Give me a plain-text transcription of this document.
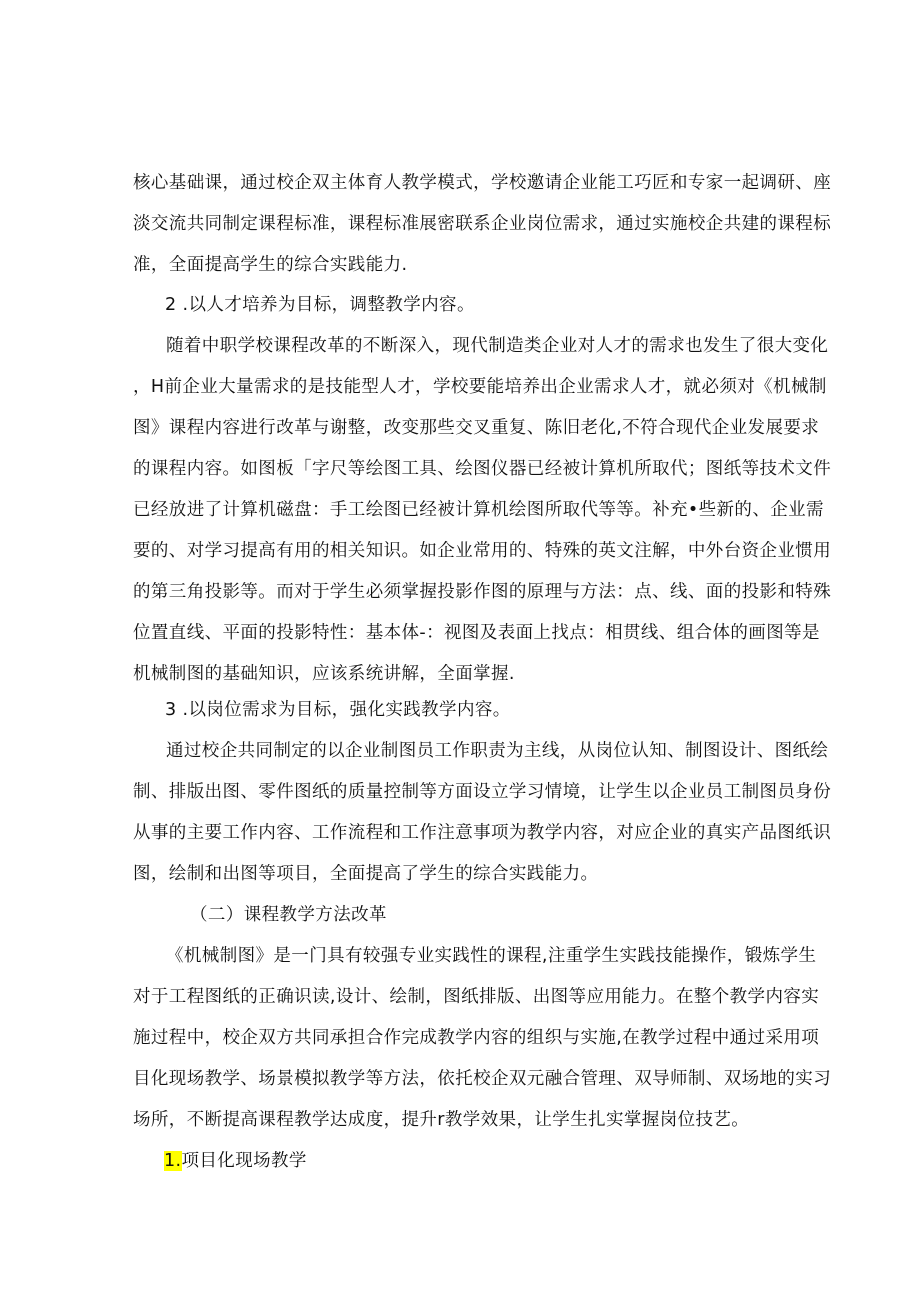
核心基础课，通过校企双主体育人教学模式，学校邀请企业能工巧匠和专家一起调研、座
淡交流共同制定课程标准，课程标准展密联系企业岗位需求，通过实施校企共建的课程标
准，全面提高学生的综合实践能力.
2 .以人才培养为目标，调整教学内容。
随着中职学校课程改革的不断深入，现代制造类企业对人才的需求也发生了很大变化
，H前企业大量需求的是技能型人才，学校要能培养出企业需求人才，就必须对《机械制
图》课程内容进行改革与谢整，改变那些交叉重复、陈旧老化,不符合现代企业发展要求
的课程内容。如图板「字尺等绘图工具、绘图仪器已经被计算机所取代；图纸等技术文件
已经放进了计算机磁盘：手工绘图已经被计算机绘图所取代等等。补充•些新的、企业需
要的、对学习提高有用的相关知识。如企业常用的、特殊的英文注解，中外台资企业惯用
的第三角投影等。而对于学生必须掌握投影作图的原理与方法：点、线、面的投影和特殊
位置直线、平面的投影特性：基本体-：视图及表面上找点：相贯线、组合体的画图等是
机械制图的基础知识，应该系统讲解，全面掌握.
3 .以岗位需求为目标，强化实践教学内容。
通过校企共同制定的以企业制图员工作职责为主线，从岗位认知、制图设计、图纸绘
制、排版出图、零件图纸的质量控制等方面设立学习情境，让学生以企业员工制图员身份
从事的主要工作内容、工作流程和工作注意事项为教学内容，对应企业的真实产品图纸识
图，绘制和出图等项目，全面提高了学生的综合实践能力。
（二）课程教学方法改革
《机械制图》是一门具有较强专业实践性的课程,注重学生实践技能操作，锻炼学生
对于工程图纸的正确识读,设计、绘制，图纸排版、出图等应用能力。在整个教学内容实
施过程中，校企双方共同承担合作完成教学内容的组织与实施,在教学过程中通过采用项
目化现场教学、场景模拟教学等方法，依托校企双元融合管理、双导师制、双场地的实习
场所，不断提高课程教学达成度，提升r教学效果，让学生扎实掌握岗位技艺。
1.项目化现场教学
